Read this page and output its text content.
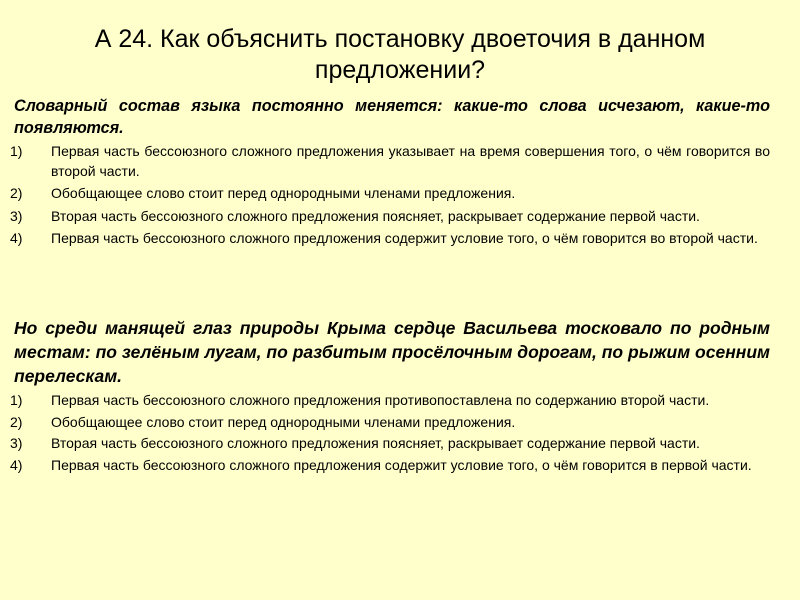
А 24. Как объяснить постановку двоеточия в данном предложении?

Словарный состав языка постоянно меняется: какие-то слова исчезают, какие-то появляются.

1) Первая часть бессоюзного сложного предложения указывает на время совершения того, о чём говорится во второй части.
2) Обобщающее слово стоит перед однородными членами предложения.
3) Вторая часть бессоюзного сложного предложения поясняет, раскрывает содержание первой части.
4) Первая часть бессоюзного сложного предложения содержит условие того, о чём говорится во второй части.

Но среди манящей глаз природы Крыма сердце Васильева тосковало по родным местам: по зелёным лугам, по разбитым просёлочным дорогам, по рыжим осенним перелескам.

1) Первая часть бессоюзного сложного предложения противопоставлена по содержанию второй части.
2) Обобщающее слово стоит перед однородными членами предложения.
3) Вторая часть бессоюзного сложного предложения поясняет, раскрывает содержание первой части.
4) Первая часть бессоюзного сложного предложения содержит условие того, о чём говорится в первой части.
